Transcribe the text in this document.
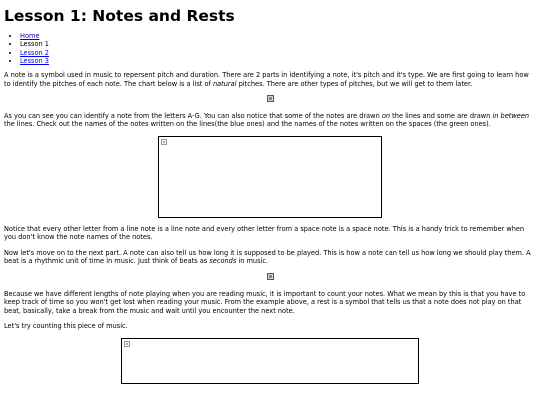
Lesson 1: Notes and Rests
• Home
• Lesson 1
• Lesson 2
• Lesson 3

A note is a symbol used in music to repersent pitch and duration. There are 2 parts in identifying a note, it's pitch and it's type. We are first going to learn how to identify the pitches of each note. The chart below is a list of natural pitches. There are other types of pitches, but we will get to them later.

As you can see you can identify a note from the letters A-G. You can also notice that some of the notes are drawn on the lines and some are drawn in between the lines. Check out the names of the notes written on the lines(the blue ones) and the names of the notes written on the spaces (the green ones).

Notice that every other letter from a line note is a line note and every other letter from a space note is a space note. This is a handy trick to remember when you don't know the note names of the notes.

Now let's move on to the next part. A note can also tell us how long it is supposed to be played. This is how a note can tell us how long we should play them. A beat is a rhythmic unit of time in music. Just think of beats as seconds in music.

Because we have different lengths of note playing when you are reading music, it is important to count your notes. What we mean by this is that you have to keep track of time so you won't get lost when reading your music. From the example above, a rest is a symbol that tells us that a note does not play on that beat, basically, take a break from the music and wait until you encounter the next note.

Let's try counting this piece of music.
